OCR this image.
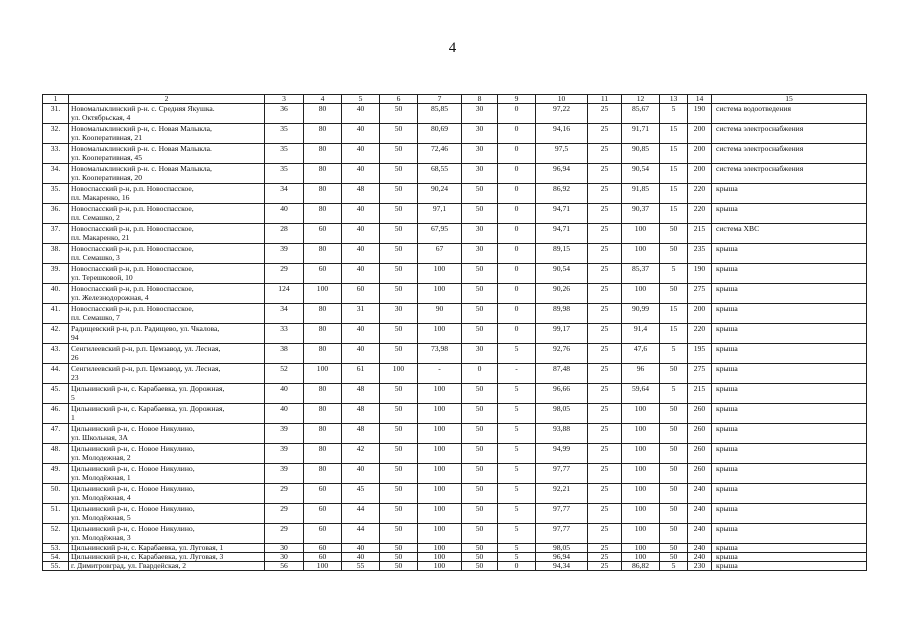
4
1	2	3	4	5	6	7	8	9	10	11	12	13	14	15
31.	Новомалыклинский р-н. с. Средняя Якушка.
ул. Октябрьская, 4	36	80	40	50	85,85	30	0	97,22	25	85,67	5	190	система водоотведения
32.	Новомалыклинский р-н, с. Новая Малыкла,
ул. Кооперативная, 21	35	80	40	50	80,69	30	0	94,16	25	91,71	15	200	система электроснабжения
33.	Новомалыклинский р-н. с. Новая Малыкла.
ул. Кооперативная, 45	35	80	40	50	72,46	30	0	97,5	25	90,85	15	200	система электроснабжения
34.	Новомалыклинский р-н. с. Новая Малыкла,
ул. Кооперативная, 20	35	80	40	50	68,55	30	0	96,94	25	90,54	15	200	система электроснабжения
35.	Новоспасский р-н, р.п. Новоспасское,
пл. Макаренко, 16	34	80	48	50	90,24	50	0	86,92	25	91,85	15	220	крыша
36.	Новоспасский р-н, р.п. Новоспасское,
пл. Семашко, 2	40	80	40	50	97,1	50	0	94,71	25	90,37	15	220	крыша
37.	Новоспасский р-н, р.п. Новоспасское,
пл. Макаренко, 21	28	60	40	50	67,95	30	0	94,71	25	100	50	215	система ХВС
38.	Новоспасский р-н, р.п. Новоспасское,
пл. Семашко, 3	39	80	40	50	67	30	0	89,15	25	100	50	235	крыша
39.	Новоспасский р-н, р.п. Новоспасское,
ул. Терешковой, 10	29	60	40	50	100	50	0	90,54	25	85,37	5	190	крыша
40.	Новоспасский р-н, р.п. Новоспасское,
ул. Железнодорожная, 4	124	100	60	50	100	50	0	90,26	25	100	50	275	крыша
41.	Новоспасский р-н, р.п. Новоспасское,
пл. Семашко, 7	34	80	31	30	90	50	0	89,98	25	90,99	15	200	крыша
42.	Радищевский р-н, р.п. Радищево, ул. Чкалова,
94	33	80	40	50	100	50	0	99,17	25	91,4	15	220	крыша
43.	Сенгилеевский р-н, р.п. Цемзавод, ул. Лесная,
26	38	80	40	50	73,98	30	5	92,76	25	47,6	5	195	крыша
44.	Сенгилеевский р-н, р.п. Цемзавод, ул. Лесная,
23	52	100	61	100	-	0	-	87,48	25	96	50	275	крыша
45.	Цильнинский р-н, с. Карабаевка, ул. Дорожная,
5	40	80	48	50	100	50	5	96,66	25	59,64	5	215	крыша
46.	Цильнинский р-н, с. Карабаевка, ул. Дорожная,
1	40	80	48	50	100	50	5	98,05	25	100	50	260	крыша
47.	Цильнинский р-н, с. Новое Никулино,
ул. Школьная, 3А	39	80	48	50	100	50	5	93,88	25	100	50	260	крыша
48.	Цильнинский р-н, с. Новое Никулино,
ул. Молодежная, 2	39	80	42	50	100	50	5	94,99	25	100	50	260	крыша
49.	Цильнинский р-н, с. Новое Никулино,
ул. Молодёжная, 1	39	80	40	50	100	50	5	97,77	25	100	50	260	крыша
50.	Цильнинский р-н, с. Новое Никулино,
ул. Молодёжная, 4	29	60	45	50	100	50	5	92,21	25	100	50	240	крыша
51.	Цильнинский р-н, с. Новое Никулино,
ул. Молодёжная, 5	29	60	44	50	100	50	5	97,77	25	100	50	240	крыша
52.	Цильнинский р-н, с. Новое Никулино,
ул. Молодёжная, 3	29	60	44	50	100	50	5	97,77	25	100	50	240	крыша
53.	Цильнинский р-н, с. Карабаевка, ул. Луговая, 1	30	60	40	50	100	50	5	98,05	25	100	50	240	крыша
54.	Цильнинский р-н, с. Карабаевка, ул. Луговая, 3	30	60	40	50	100	50	5	96,94	25	100	50	240	крыша
55.	г. Димитровград, ул. Гвардейская, 2	56	100	55	50	100	50	0	94,34	25	86,82	5	230	крыша
